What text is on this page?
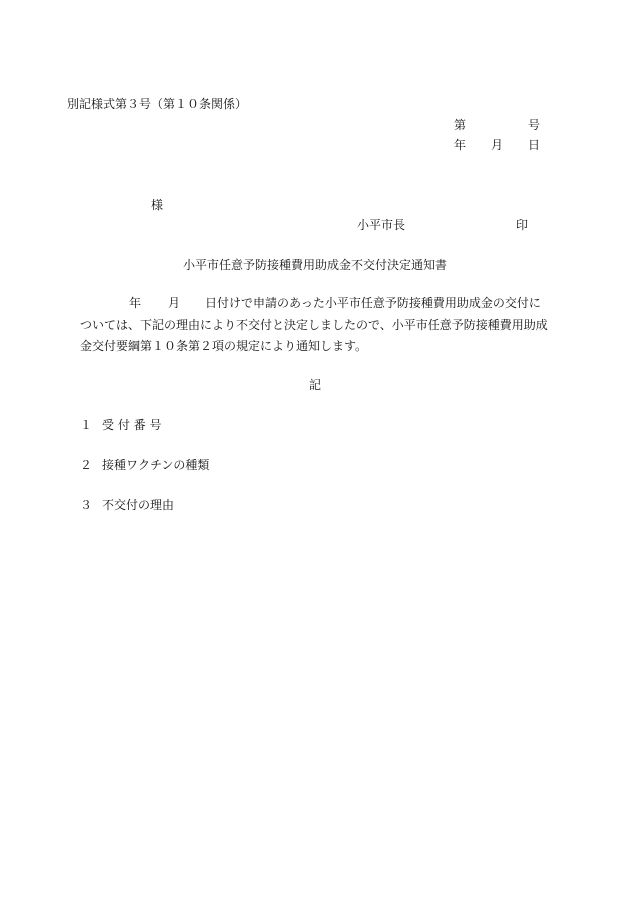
別記様式第３号（第１０条関係）
第	号
年 月 日
様
小平市長	印
小平市任意予防接種費用助成金不交付決定通知書
年 月 日付けで申請のあった小平市任意予防接種費用助成金の交付に
ついては、下記の理由により不交付と決定しましたので、小平市任意予防接種費用助成
金交付要綱第１０条第２項の規定により通知します。
記
１ 受 付 番 号
２ 接種ワクチンの種類
３ 不交付の理由
